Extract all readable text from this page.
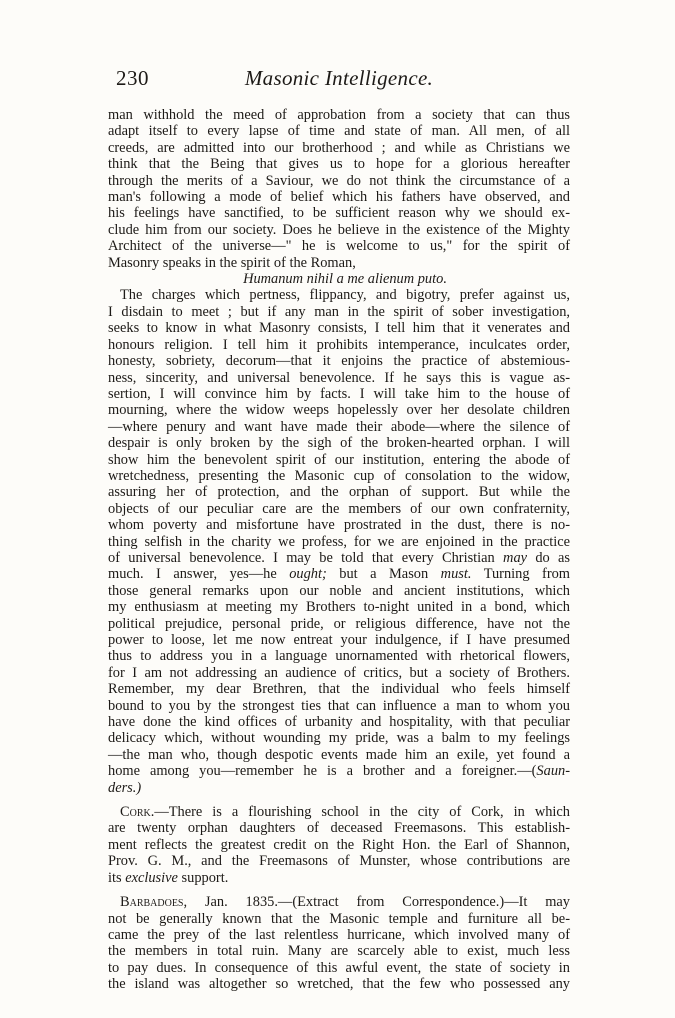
230	Masonic Intelligence.

man withhold the meed of approbation from a society that can thus
adapt itself to every lapse of time and state of man. All men, of all
creeds, are admitted into our brotherhood ; and while as Christians we
think that the Being that gives us to hope for a glorious hereafter
through the merits of a Saviour, we do not think the circumstance of a
man's following a mode of belief which his fathers have observed, and
his feelings have sanctified, to be sufficient reason why we should ex-
clude him from our society. Does he believe in the existence of the Mighty
Architect of the universe—" he is welcome to us," for the spirit of
Masonry speaks in the spirit of the Roman,

Humanum nihil a me alienum puto.

The charges which pertness, flippancy, and bigotry, prefer against us,
I disdain to meet ; but if any man in the spirit of sober investigation,
seeks to know in what Masonry consists, I tell him that it venerates and
honours religion. I tell him it prohibits intemperance, inculcates order,
honesty, sobriety, decorum—that it enjoins the practice of abstemious-
ness, sincerity, and universal benevolence. If he says this is vague as-
sertion, I will convince him by facts. I will take him to the house of
mourning, where the widow weeps hopelessly over her desolate children
—where penury and want have made their abode—where the silence of
despair is only broken by the sigh of the broken-hearted orphan. I will
show him the benevolent spirit of our institution, entering the abode of
wretchedness, presenting the Masonic cup of consolation to the widow,
assuring her of protection, and the orphan of support. But while the
objects of our peculiar care are the members of our own confraternity,
whom poverty and misfortune have prostrated in the dust, there is no-
thing selfish in the charity we profess, for we are enjoined in the practice
of universal benevolence. I may be told that every Christian may do as
much. I answer, yes—he ought; but a Mason must. Turning from
those general remarks upon our noble and ancient institutions, which
my enthusiasm at meeting my Brothers to-night united in a bond, which
political prejudice, personal pride, or religious difference, have not the
power to loose, let me now entreat your indulgence, if I have presumed
thus to address you in a language unornamented with rhetorical flowers,
for I am not addressing an audience of critics, but a society of Brothers.
Remember, my dear Brethren, that the individual who feels himself
bound to you by the strongest ties that can influence a man to whom you
have done the kind offices of urbanity and hospitality, with that peculiar
delicacy which, without wounding my pride, was a balm to my feelings
—the man who, though despotic events made him an exile, yet found a
home among you—remember he is a brother and a foreigner.—(Saun-
ders.)

Cork.—There is a flourishing school in the city of Cork, in which
are twenty orphan daughters of deceased Freemasons. This establish-
ment reflects the greatest credit on the Right Hon. the Earl of Shannon,
Prov. G. M., and the Freemasons of Munster, whose contributions are
its exclusive support.

Barbadoes, Jan. 1835.—(Extract from Correspondence.)—It may
not be generally known that the Masonic temple and furniture all be-
came the prey of the last relentless hurricane, which involved many of
the members in total ruin. Many are scarcely able to exist, much less
to pay dues. In consequence of this awful event, the state of society in
the island was altogether so wretched, that the few who possessed any
